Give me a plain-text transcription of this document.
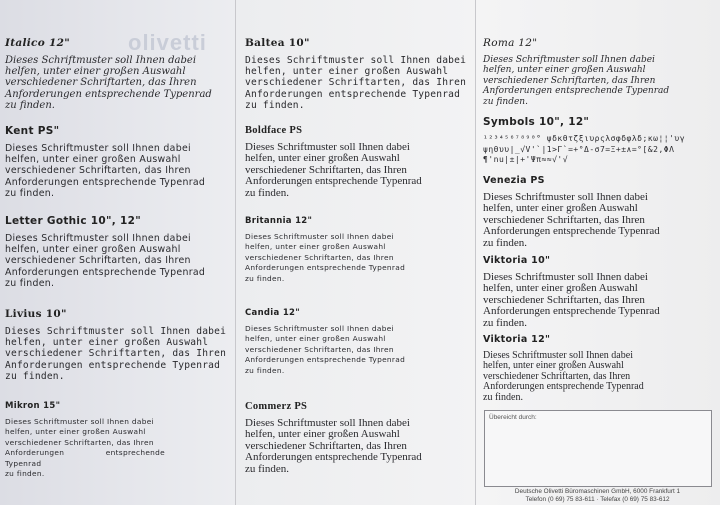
olivetti

Italico 12"

Dieses Schriftmuster soll Ihnen dabei
helfen, unter einer großen Auswahl
verschiedener Schriftarten, das Ihren
Anforderungen entsprechende Typenrad
zu finden.

Kent PS"

Dieses Schriftmuster soll Ihnen dabei
helfen, unter einer großen Auswahl
verschiedener Schriftarten, das Ihren
Anforderungen entsprechende Typenrad
zu finden.

Letter Gothic 10", 12"

Dieses Schriftmuster soll Ihnen dabei
helfen, unter einer großen Auswahl
verschiedener Schriftarten, das Ihren
Anforderungen entsprechende Typenrad
zu finden.

Livius 10"

Dieses Schriftmuster soll Ihnen dabei
helfen, unter einer großen Auswahl
verschiedener Schriftarten, das Ihren
Anforderungen entsprechende Typenrad
zu finden.

Mikron 15"

Dieses Schriftmuster soll Ihnen dabei
helfen, unter einer großen Auswahl
verschiedener Schriftarten, das Ihren
Anforderungen entsprechende Typenrad
zu finden.

Baltea 10"

Dieses Schriftmuster soll Ihnen dabei
helfen, unter einer großen Auswahl
verschiedener Schriftarten, das Ihren
Anforderungen entsprechende Typenrad
zu finden.

Boldface PS

Dieses Schriftmuster soll Ihnen dabei
helfen, unter einer großen Auswahl
verschiedener Schriftarten, das Ihren
Anforderungen entsprechende Typenrad
zu finden.

Britannia 12"

Dieses Schriftmuster soll Ihnen dabei
helfen, unter einer großen Auswahl
verschiedener Schriftarten, das Ihren
Anforderungen entsprechende Typenrad
zu finden.

Candia 12"

Dieses Schriftmuster soll Ihnen dabei
helfen, unter einer großen Auswahl
verschiedener Schriftarten, das Ihren
Anforderungen entsprechende Typenrad
zu finden.

Commerz PS

Dieses Schriftmuster soll Ihnen dabei
helfen, unter einer großen Auswahl
verschiedener Schriftarten, das Ihren
Anforderungen entsprechende Typenrad
zu finden.

Roma 12"

Dieses Schriftmuster soll Ihnen dabei
helfen, unter einer großen Auswahl
verschiedener Schriftarten, das Ihren
Anforderungen entsprechende Typenrad
zu finden.

Symbols 10", 12"

¹²³⁴⁵⁶⁷⁸⁹⁰° ψδκθτζξιυρςλσφδφλδ;κω¦¦'υγ
ψηθυυ|_√V'`|1>Γ`=+°Δ-σ7=Ξ+±∧=°[&2,ΦΛ
¶'nu|±|+'Ψπ≈≈√'√

Venezia PS

Dieses Schriftmuster soll Ihnen dabei
helfen, unter einer großen Auswahl
verschiedener Schriftarten, das Ihren
Anforderungen entsprechende Typenrad
zu finden.

Viktoria 10"

Dieses Schriftmuster soll Ihnen dabei
helfen, unter einer großen Auswahl
verschiedener Schriftarten, das Ihren
Anforderungen entsprechende Typenrad
zu finden.

Viktoria 12"

Dieses Schriftmuster soll Ihnen dabei
helfen, unter einer großen Auswahl
verschiedener Schriftarten, das Ihren
Anforderungen entsprechende Typenrad
zu finden.

Übereicht durch:
Deutsche Olivetti Büromaschinen GmbH, 6000 Frankfurt 1
Telefon (0 69) 75 83-611 · Telefax (0 69) 75 83-612
